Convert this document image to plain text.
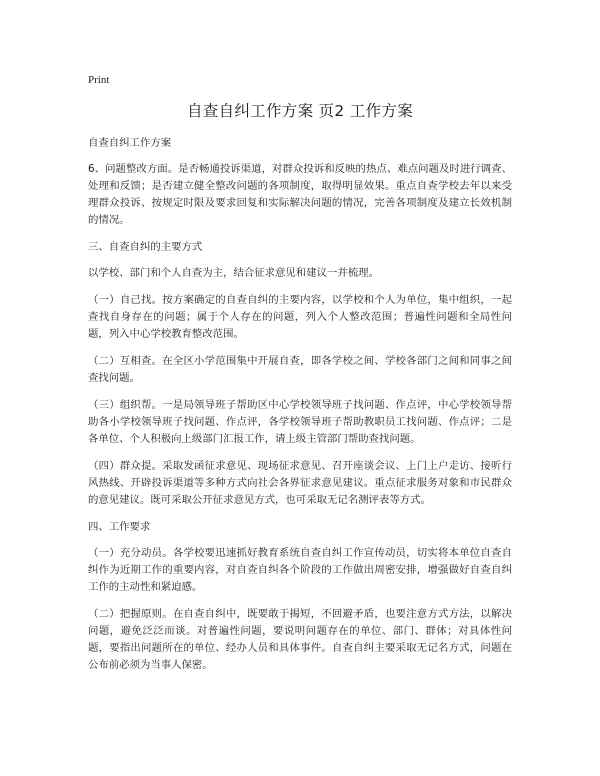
Print
自查自纠工作方案 页2 工作方案

自查自纠工作方案

6、问题整改方面。是否畅通投诉渠道，对群众投诉和反映的热点、难点问题及时进行调查、处理和反馈；是否建立健全整改问题的各项制度，取得明显效果。重点自查学校去年以来受理群众投诉、按规定时限及要求回复和实际解决问题的情况，完善各项制度及建立长效机制的情况。

三、自查自纠的主要方式

以学校、部门和个人自查为主，结合征求意见和建议一并梳理。

（一）自己找。按方案确定的自查自纠的主要内容，以学校和个人为单位，集中组织，一起查找自身存在的问题；属于个人存在的问题，列入个人整改范围；普遍性问题和全局性问题，列入中心学校教育整改范围。

（二）互相查。在全区小学范围集中开展自查，即各学校之间、学校各部门之间和同事之间查找问题。

（三）组织帮。一是局领导班子帮助区中心学校领导班子找问题、作点评，中心学校领导帮助各小学校领导班子找问题、作点评，各学校领导班子帮助教职员工找问题、作点评；二是各单位、个人积极向上级部门汇报工作，请上级主管部门帮助查找问题。

（四）群众提。采取发函征求意见、现场征求意见、召开座谈会议、上门上户走访、接听行风热线、开辟投诉渠道等多种方式向社会各界征求意见建议。重点征求服务对象和市民群众的意见建议。既可采取公开征求意见方式，也可采取无记名测评表等方式。

四、工作要求

（一）充分动员。各学校要迅速抓好教育系统自查自纠工作宣传动员，切实将本单位自查自纠作为近期工作的重要内容，对自查自纠各个阶段的工作做出周密安排，增强做好自查自纠工作的主动性和紧迫感。

（二）把握原则。在自查自纠中，既要敢于揭短，不回避矛盾，也要注意方式方法，以解决问题，避免泛泛而谈。对普遍性问题，要说明问题存在的单位、部门、群体；对具体性问题，要指出问题所在的单位、经办人员和具体事件。自查自纠主要采取无记名方式，问题在公布前必须为当事人保密。
